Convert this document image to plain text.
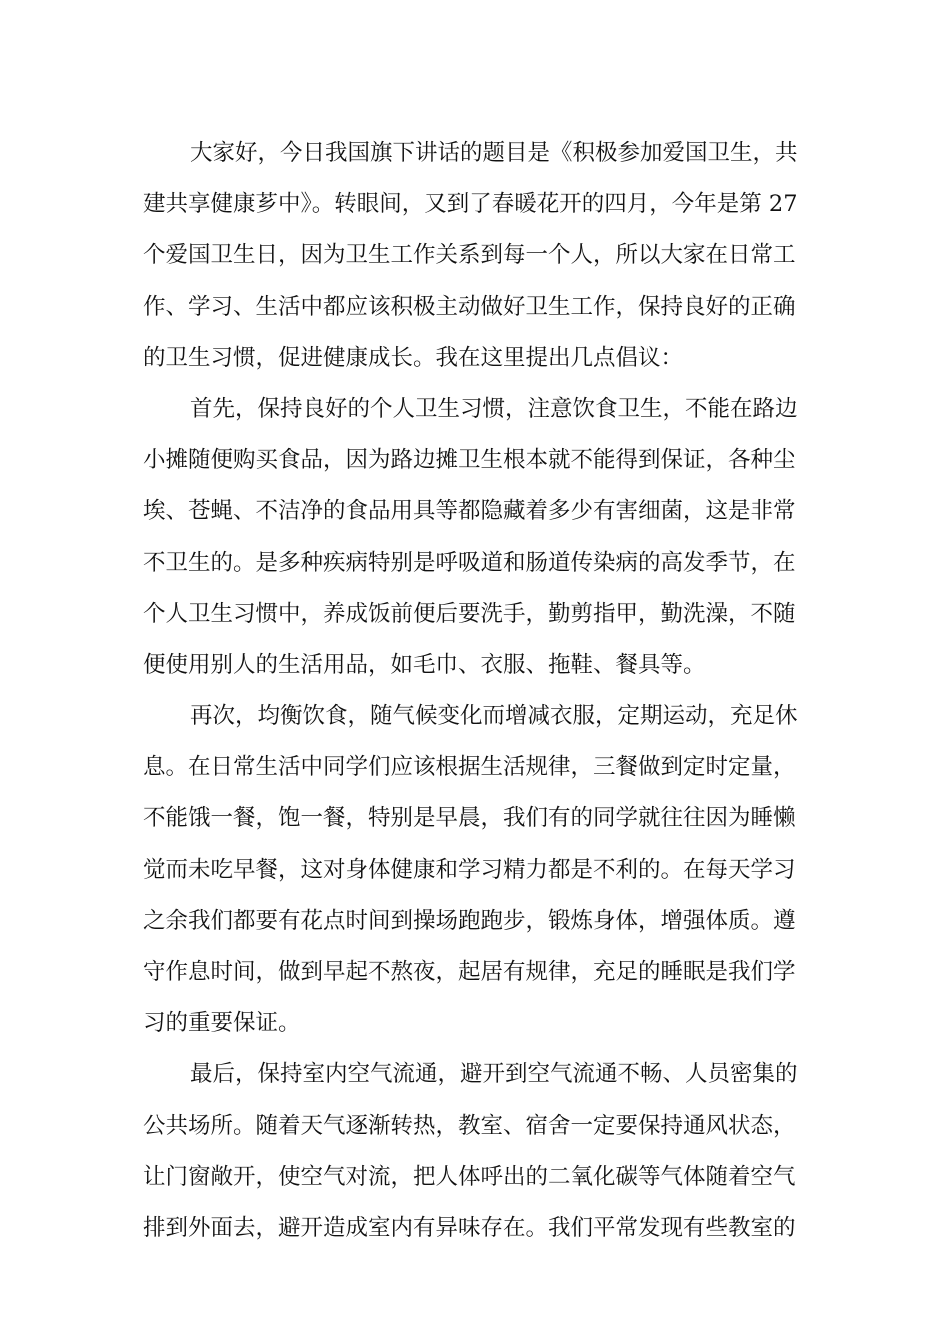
大家好，今日我国旗下讲话的题目是《积极参加爱国卫生，共
建共享健康芗中》。转眼间，又到了春暖花开的四月，今年是第 27
个爱国卫生日，因为卫生工作关系到每一个人，所以大家在日常工
作、学习、生活中都应该积极主动做好卫生工作，保持良好的正确
的卫生习惯，促进健康成长。我在这里提出几点倡议：
首先，保持良好的个人卫生习惯，注意饮食卫生，不能在路边
小摊随便购买食品，因为路边摊卫生根本就不能得到保证，各种尘
埃、苍蝇、不洁净的食品用具等都隐藏着多少有害细菌，这是非常
不卫生的。是多种疾病特别是呼吸道和肠道传染病的高发季节，在
个人卫生习惯中，养成饭前便后要洗手，勤剪指甲，勤洗澡，不随
便使用别人的生活用品，如毛巾、衣服、拖鞋、餐具等。
再次，均衡饮食，随气候变化而增减衣服，定期运动，充足休
息。在日常生活中同学们应该根据生活规律，三餐做到定时定量，
不能饿一餐，饱一餐，特别是早晨，我们有的同学就往往因为睡懒
觉而未吃早餐，这对身体健康和学习精力都是不利的。在每天学习
之余我们都要有花点时间到操场跑跑步，锻炼身体，增强体质。遵
守作息时间，做到早起不熬夜，起居有规律，充足的睡眠是我们学
习的重要保证。
最后，保持室内空气流通，避开到空气流通不畅、人员密集的
公共场所。随着天气逐渐转热，教室、宿舍一定要保持通风状态，
让门窗敞开，使空气对流，把人体呼出的二氧化碳等气体随着空气
排到外面去，避开造成室内有异味存在。我们平常发现有些教室的
